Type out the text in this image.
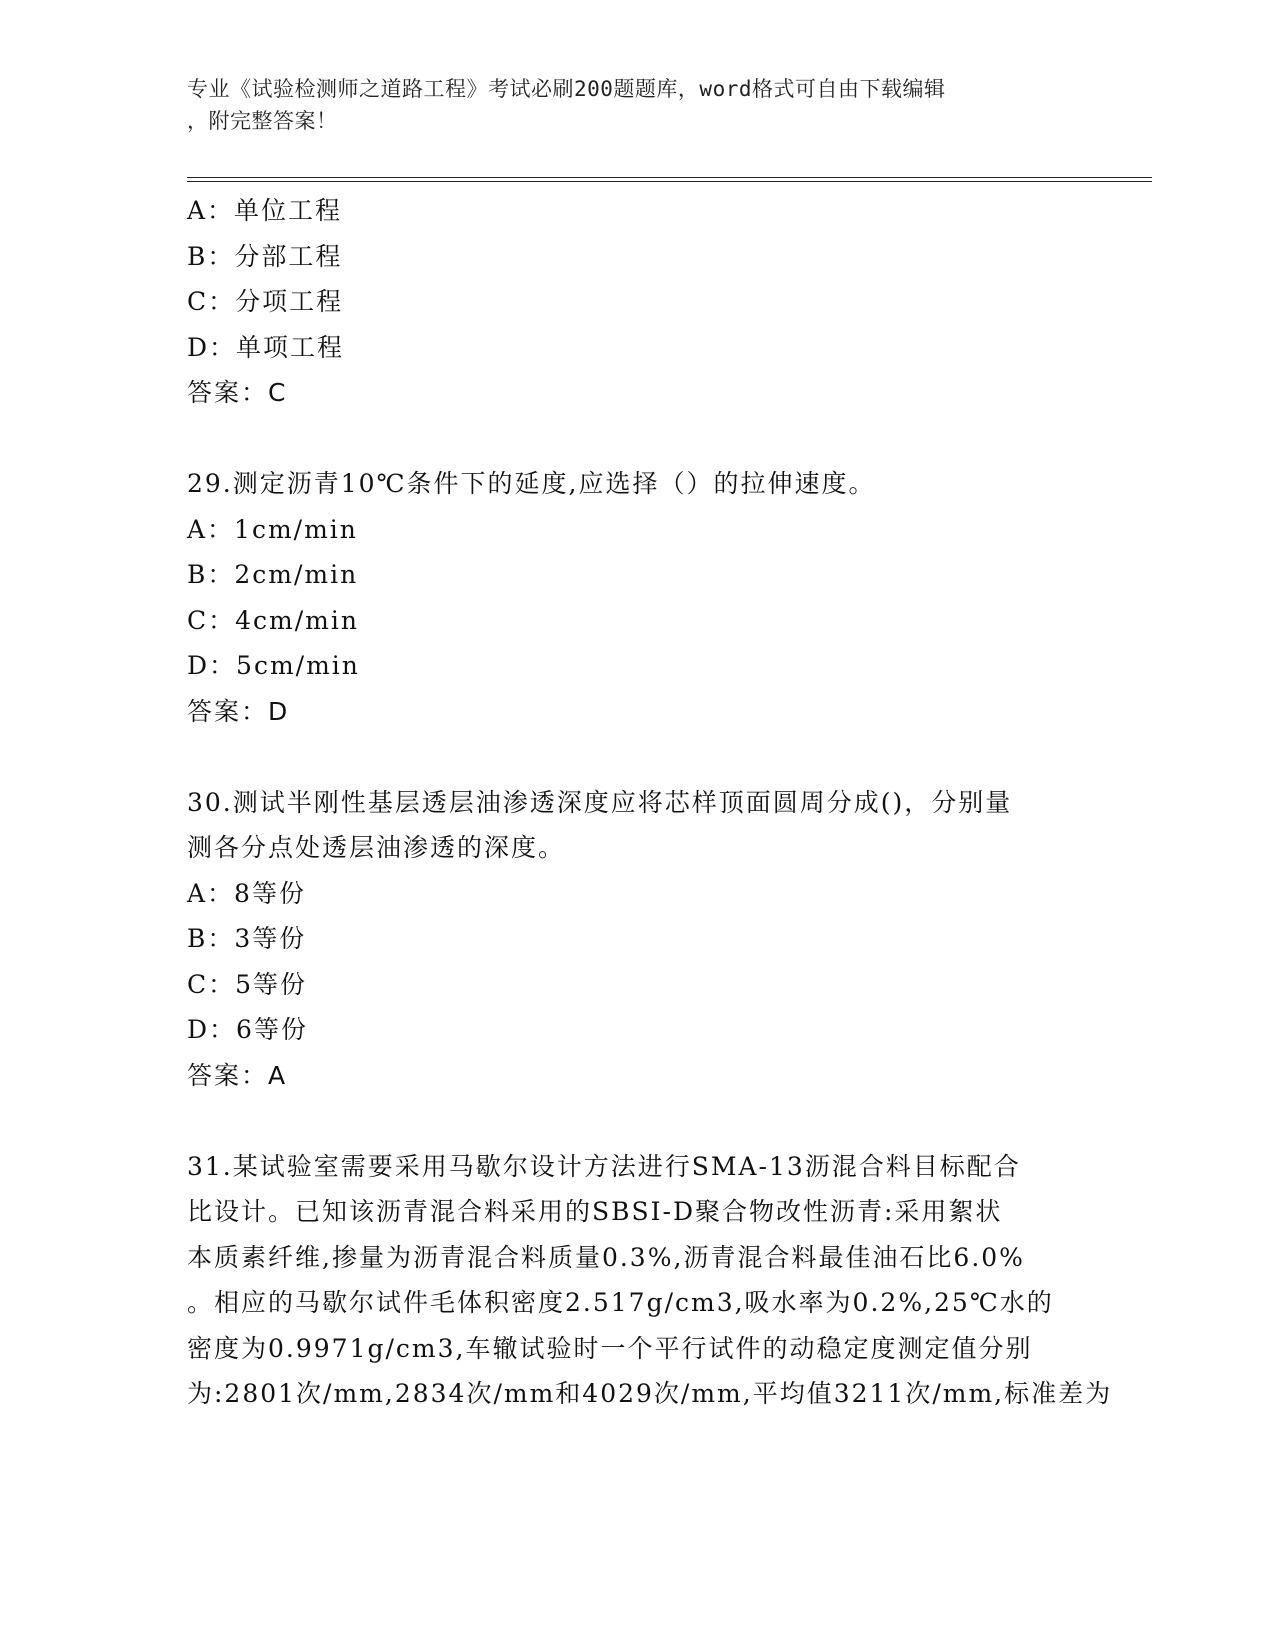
专业《试验检测师之道路工程》考试必刷200题题库，word格式可自由下载编辑
，附完整答案！
A：单位工程
B：分部工程
C：分项工程
D：单项工程
答案：C
29.测定沥青10℃条件下的延度,应选择（）的拉伸速度。
A：1cm/min
B：2cm/min
C：4cm/min
D：5cm/min
答案：D
30.测试半刚性基层透层油渗透深度应将芯样顶面圆周分成()，分别量
测各分点处透层油渗透的深度。
A：8等份
B：3等份
C：5等份
D：6等份
答案：A
31.某试验室需要采用马歇尔设计方法进行SMA-13沥混合料目标配合
比设计。已知该沥青混合料采用的SBSI-D聚合物改性沥青:采用絮状
本质素纤维,掺量为沥青混合料质量0.3%,沥青混合料最佳油石比6.0%
。相应的马歇尔试件毛体积密度2.517g/cm3,吸水率为0.2%,25℃水的
密度为0.9971g/cm3,车辙试验时一个平行试件的动稳定度测定值分别
为:2801次/mm,2834次/mm和4029次/mm,平均值3211次/mm,标准差为
